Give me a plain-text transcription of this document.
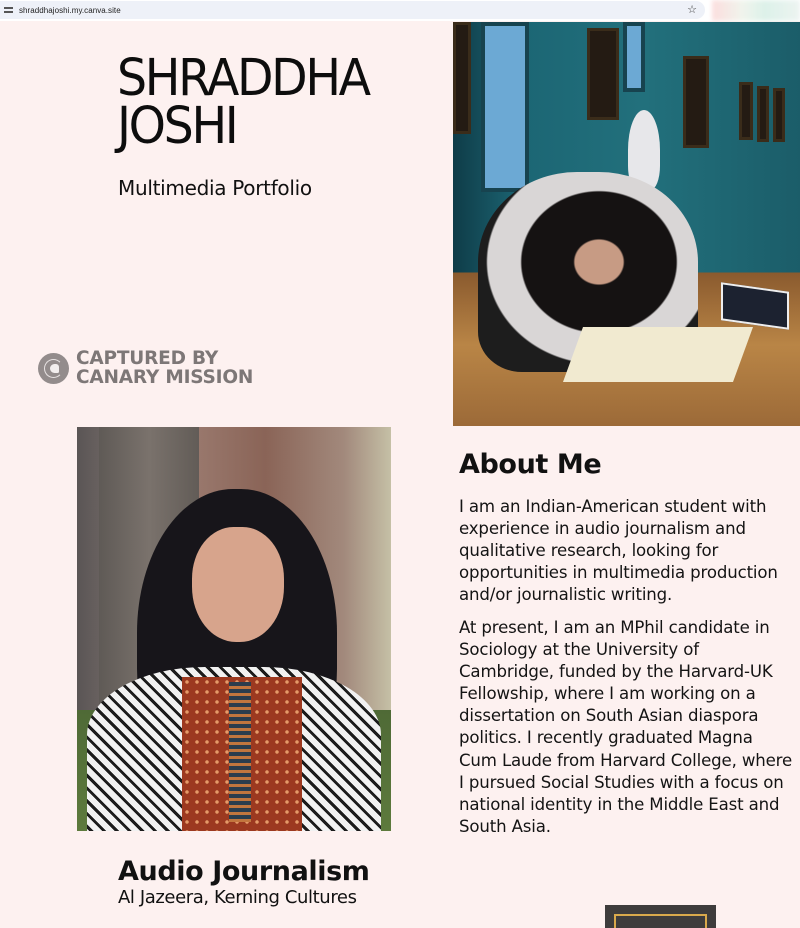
shraddhajoshi.my.canva.site	☆
SHRADDHA
JOSHI
Multimedia Portfolio
CAPTURED BY
CANARY MISSION
About Me

I am an Indian-American student with experience in audio journalism and qualitative research, looking for opportunities in multimedia production and/or journalistic writing.

At present, I am an MPhil candidate in Sociology at the University of Cambridge, funded by the Harvard-UK Fellowship, where I am working on a dissertation on South Asian diaspora politics. I recently graduated Magna Cum Laude from Harvard College, where I pursued Social Studies with a focus on national identity in the Middle East and South Asia.

Audio Journalism
Al Jazeera, Kerning Cultures
